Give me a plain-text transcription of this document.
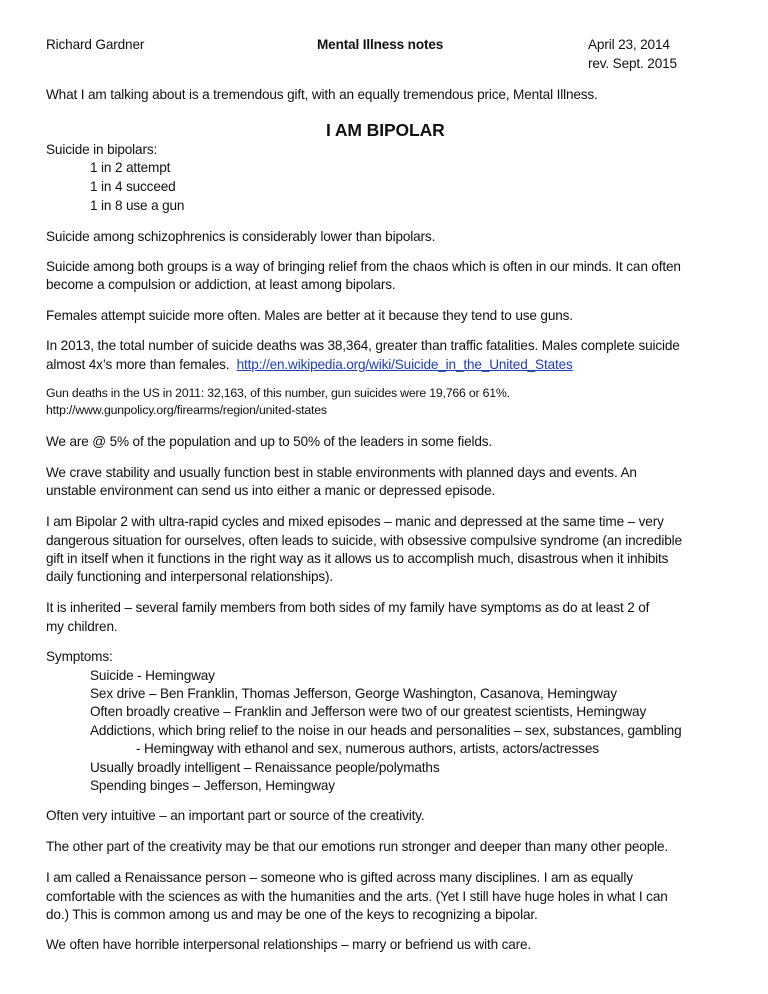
Richard Gardner	Mental Illness notes	April 23, 2014
rev. Sept. 2015
What I am talking about is a tremendous gift, with an equally tremendous price, Mental Illness.
I AM BIPOLAR
Suicide in bipolars:
1 in 2 attempt
1 in 4 succeed
1 in 8 use a gun
Suicide among schizophrenics is considerably lower than bipolars.
Suicide among both groups is a way of bringing relief from the chaos which is often in our minds. It can often
become a compulsion or addiction, at least among bipolars.
Females attempt suicide more often. Males are better at it because they tend to use guns.
In 2013, the total number of suicide deaths was 38,364, greater than traffic fatalities. Males complete suicide
almost 4x’s more than females.  http://en.wikipedia.org/wiki/Suicide_in_the_United_States
Gun deaths in the US in 2011: 32,163, of this number, gun suicides were 19,766 or 61%.
http://www.gunpolicy.org/firearms/region/united-states
We are @ 5% of the population and up to 50% of the leaders in some fields.
We crave stability and usually function best in stable environments with planned days and events. An
unstable environment can send us into either a manic or depressed episode.
I am Bipolar 2 with ultra-rapid cycles and mixed episodes – manic and depressed at the same time – very
dangerous situation for ourselves, often leads to suicide, with obsessive compulsive syndrome (an incredible
gift in itself when it functions in the right way as it allows us to accomplish much, disastrous when it inhibits
daily functioning and interpersonal relationships).
It is inherited – several family members from both sides of my family have symptoms as do at least 2 of
my children.
Symptoms:
Suicide - Hemingway
Sex drive – Ben Franklin, Thomas Jefferson, George Washington, Casanova, Hemingway
Often broadly creative – Franklin and Jefferson were two of our greatest scientists, Hemingway
Addictions, which bring relief to the noise in our heads and personalities – sex, substances, gambling
- Hemingway with ethanol and sex, numerous authors, artists, actors/actresses
Usually broadly intelligent – Renaissance people/polymaths
Spending binges – Jefferson, Hemingway
Often very intuitive – an important part or source of the creativity.
The other part of the creativity may be that our emotions run stronger and deeper than many other people.
I am called a Renaissance person – someone who is gifted across many disciplines. I am as equally
comfortable with the sciences as with the humanities and the arts. (Yet I still have huge holes in what I can
do.) This is common among us and may be one of the keys to recognizing a bipolar.
We often have horrible interpersonal relationships – marry or befriend us with care.
